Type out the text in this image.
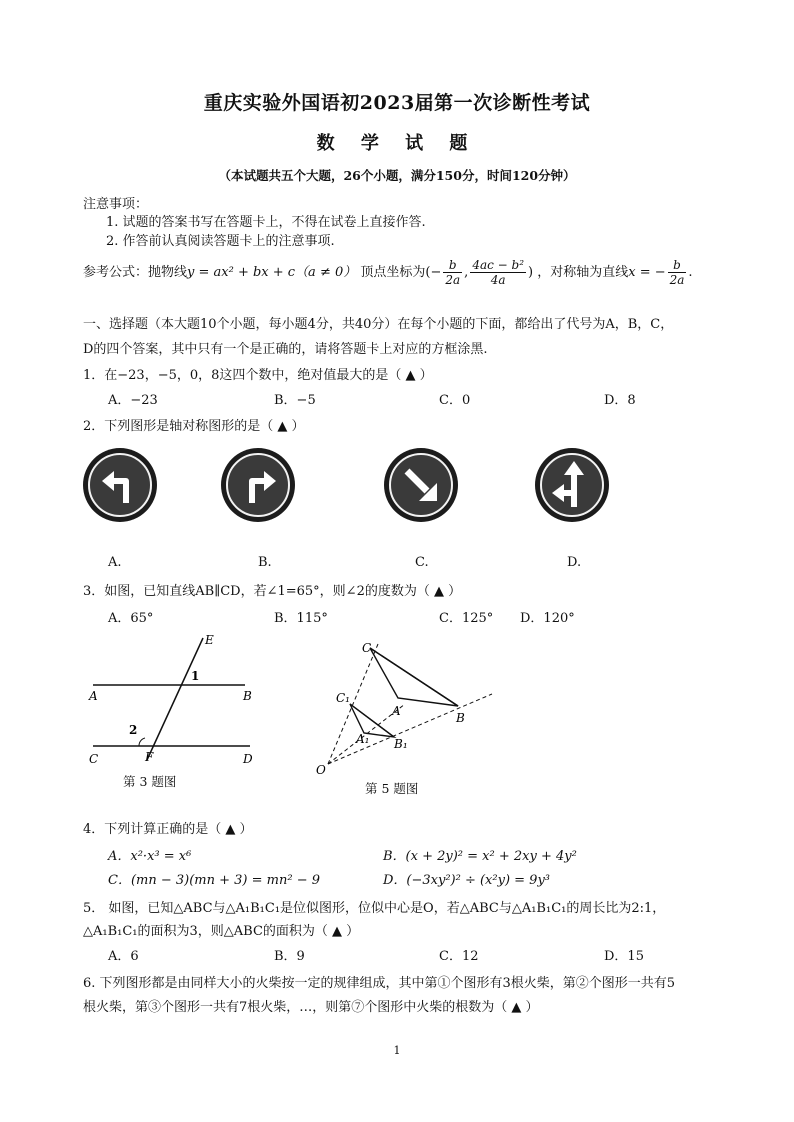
重庆实验外国语初2023届第一次诊断性考试
数 学 试 题
（本试题共五个大题，26个小题，满分150分，时间120分钟）
注意事项：
1. 试题的答案书写在答题卡上，不得在试卷上直接作答.
2. 作答前认真阅读答题卡上的注意事项.
参考公式：抛物线y = ax² + bx + c（a ≠ 0） 顶点坐标为(− $\frac{b}{2a}$ , $\frac{\text{4ac − b²}}{4a}$ ) ，对称轴为直线x = − $\frac{b}{2a}$ .
一、选择题（本大题10个小题，每小题4分，共40分）在每个小题的下面，都给出了代号为A，B，C，
D的四个答案，其中只有一个是正确的，请将答题卡上对应的方框涂黑.
1．在−23，−5，0，8这四个数中，绝对值最大的是（ ▲ ）
A．−23	B．−5	C．0	D．8
2．下列图形是轴对称图形的是（ ▲ ）
A.	B.	C.	D.
3．如图，已知直线AB∥CD，若∠1=65°，则∠2的度数为（ ▲ ）
A．65°	B．115°	C．125° D．120°
E
1
A	B
2
F
C	D
第 3 题图
C
C₁
A
A₁
B
B₁
O
第 5 题图
4．下列计算正确的是（ ▲ ）
A．x²·x³ = x⁶	B．(x + 2y)² = x² + 2xy + 4y²
C．(mn − 3)(mn + 3) = mn² − 9	D．(−3xy²)² ÷ (x²y) = 9y³
5． 如图，已知△ABC与△A₁B₁C₁是位似图形，位似中心是O，若△ABC与△A₁B₁C₁的周长比为2:1，
△A₁B₁C₁的面积为3，则△ABC的面积为（ ▲ ）
A．6	B．9	C．12	D．15
6. 下列图形都是由同样大小的火柴按一定的规律组成，其中第①个图形有3根火柴，第②个图形一共有5
根火柴，第③个图形一共有7根火柴，…，则第⑦个图形中火柴的根数为（ ▲ ）
1
